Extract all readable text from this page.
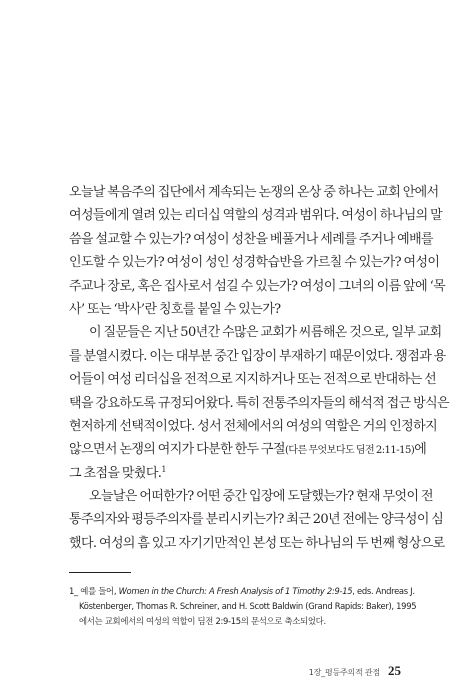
오늘날 복음주의 집단에서 계속되는 논쟁의 온상 중 하나는 교회 안에서

여성들에게 열려 있는 리더십 역할의 성격과 범위다. 여성이 하나님의 말

씀을 설교할 수 있는가? 여성이 성찬을 베풀거나 세례를 주거나 예배를

인도할 수 있는가? 여성이 성인 성경학습반을 가르칠 수 있는가? 여성이

주교나 장로, 혹은 집사로서 섬길 수 있는가? 여성이 그녀의 이름 앞에 ‘목

사’ 또는 ‘박사’란 칭호를 붙일 수 있는가?

이 질문들은 지난 50년간 수많은 교회가 씨름해온 것으로, 일부 교회

를 분열시켰다. 이는 대부분 중간 입장이 부재하기 때문이었다. 쟁점과 용

어들이 여성 리더십을 전적으로 지지하거나 또는 전적으로 반대하는 선

택을 강요하도록 규정되어왔다. 특히 전통주의자들의 해석적 접근 방식은

현저하게 선택적이었다. 성서 전체에서의 여성의 역할은 거의 인정하지

않으면서 논쟁의 여지가 다분한 한두 구절(다른 무엇보다도 딤전 2:11-15)에

그 초점을 맞췄다.$^1$

오늘날은 어떠한가? 어떤 중간 입장에 도달했는가? 현재 무엇이 전

통주의자와 평등주의자를 분리시키는가? 최근 20년 전에는 양극성이 심

했다. 여성의 흠 있고 자기기만적인 본성 또는 하나님의 두 번째 형상으로

1_ 예를 들어, Women in the Church: A Fresh Analysis of 1 Timothy 2:9-15, eds. Andreas J.
Köstenberger, Thomas R. Schreiner, and H. Scott Baldwin (Grand Rapids: Baker), 1995
에서는 교회에서의 여성의 역할이 딤전 2:9-15의 문석으로 축소되었다.
1장_평등주의적 관점 25
